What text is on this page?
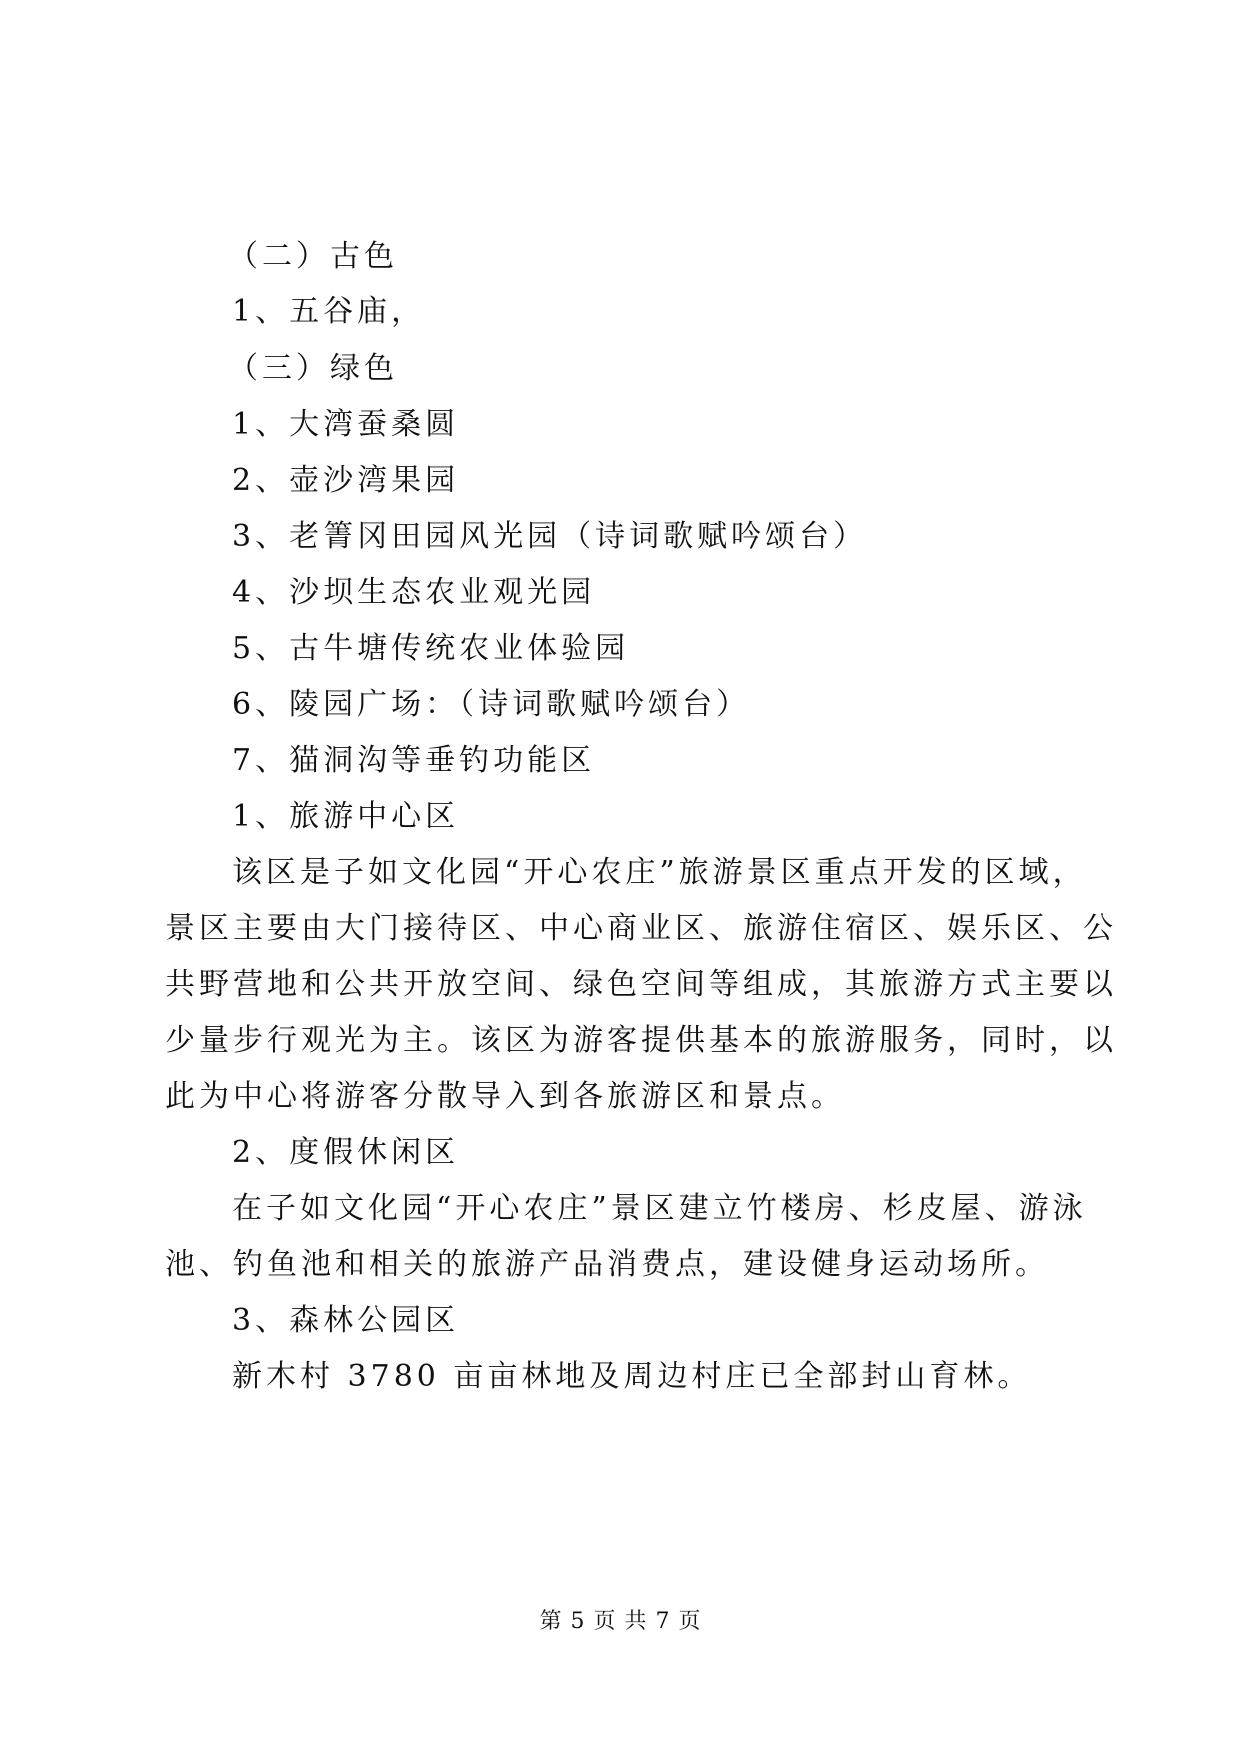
（二）古色
1、五谷庙，
（三）绿色
1、大湾蚕桑圆
2、壶沙湾果园
3、老箐冈田园风光园（诗词歌赋吟颂台）
4、沙坝生态农业观光园
5、古牛塘传统农业体验园
6、陵园广场：（诗词歌赋吟颂台）
7、猫洞沟等垂钓功能区
1、旅游中心区
该区是子如文化园“开心农庄”旅游景区重点开发的区域，
景区主要由大门接待区、中心商业区、旅游住宿区、娱乐区、公
共野营地和公共开放空间、绿色空间等组成，其旅游方式主要以
少量步行观光为主。该区为游客提供基本的旅游服务，同时，以
此为中心将游客分散导入到各旅游区和景点。
2、度假休闲区
在子如文化园“开心农庄”景区建立竹楼房、杉皮屋、游泳
池、钓鱼池和相关的旅游产品消费点，建设健身运动场所。
3、森林公园区
新木村 3780 亩亩林地及周边村庄已全部封山育林。
第 5 页 共 7 页
